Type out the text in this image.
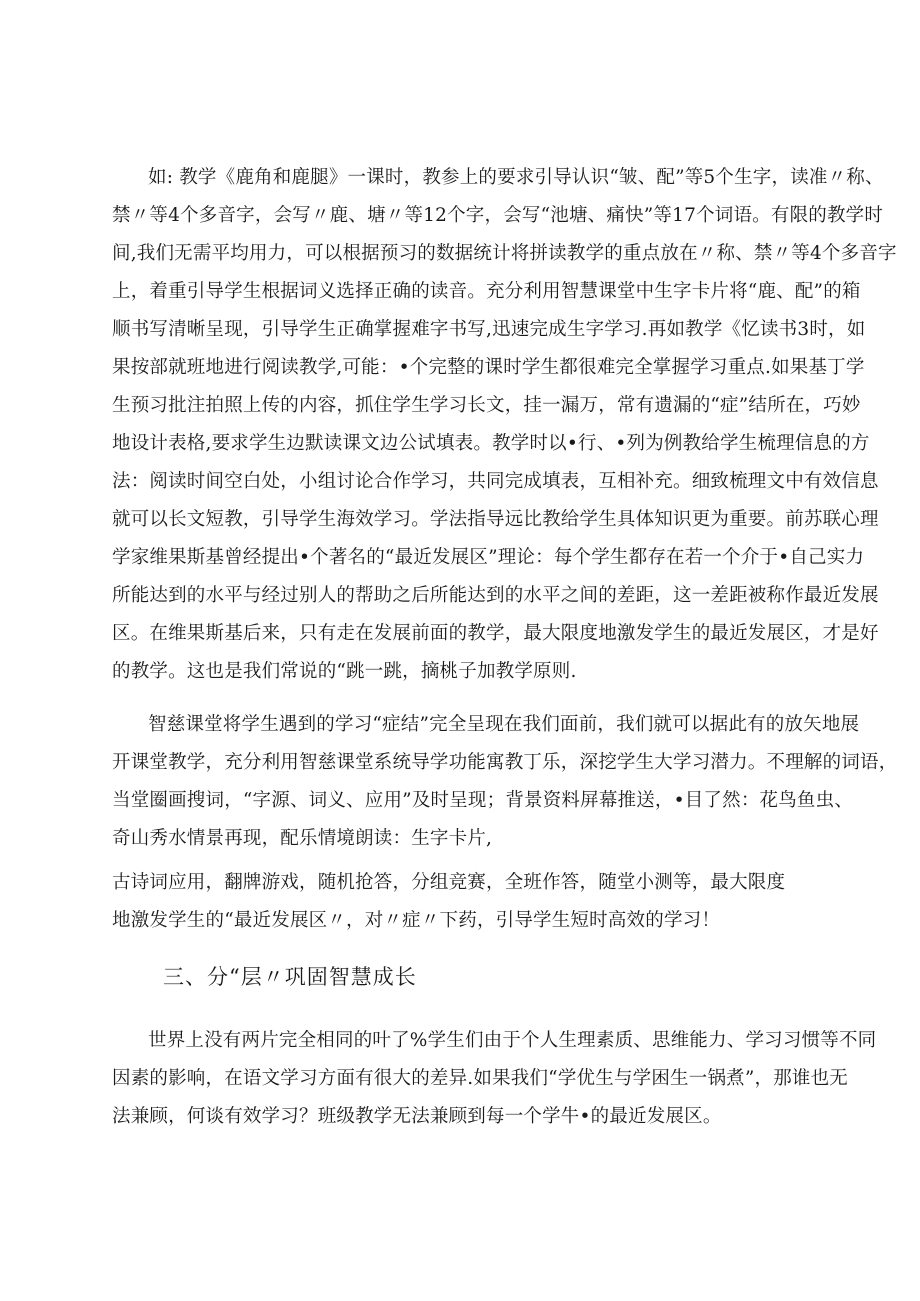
如: 教学《鹿角和鹿腿》一课时，教参上的要求引导认识“皱、配”等5个生字，读准〃称、
禁〃等4个多音字，会写〃鹿、塘〃等12个字，会写“池塘、痛快”等17个词语。有限的教学时
间,我们无需平均用力，可以根据预习的数据统计将拼读教学的重点放在〃称、禁〃等4个多音字
上，着重引导学生根据词义选择正确的读音。充分利用智慧课堂中生字卡片将“鹿、配”的箱
顺书写清晰呈现，引导学生正确掌握难字书写,迅速完成生字学习.再如教学《忆读书3时，如
果按部就班地进行阅读教学,可能：•个完整的课时学生都很难完全掌握学习重点.如果基丁学
生预习批注拍照上传的内容，抓住学生学习长文，挂一漏万，常有遗漏的“症”结所在，巧妙
地设计表格,要求学生边默读课文边公试填表。教学时以•行、•列为例教给学生梳理信息的方
法：阅读时间空白处，小组讨论合作学习，共同完成填表，互相补充。细致梳理文中有效信息
就可以长文短教，引导学生海效学习。学法指导远比教给学生具体知识更为重要。前苏联心理
学家维果斯基曾经提出•个著名的“最近发展区”理论：每个学生都存在若一个介于•自己实力
所能达到的水平与经过别人的帮助之后所能达到的水平之间的差距，这一差距被称作最近发展
区。在维果斯基后来，只有走在发展前面的教学，最大限度地激发学生的最近发展区，才是好
的教学。这也是我们常说的“跳一跳，摘桃子加教学原则.
智慈课堂将学生遇到的学习“症结”完全呈现在我们面前，我们就可以据此有的放矢地展
开课堂教学，充分利用智慈课堂系统导学功能寓教丁乐，深挖学生大学习潜力。不理解的词语，
当堂圈画搜词，“字源、词义、应用”及时呈现；背景资料屏幕推送，•目了然：花鸟鱼虫、
奇山秀水情景再现，配乐情境朗读：生字卡片,
古诗词应用，翻牌游戏，随机抢答，分组竞赛，全班作答，随堂小测等，最大限度
地激发学生的“最近发展区〃，对〃症〃下药，引导学生短时高效的学习！
三、分“层〃巩固智慧成长
世界上没有两片完全相同的叶了%学生们由于个人生理素质、思维能力、学习习惯等不同
因素的影响，在语文学习方面有很大的差异.如果我们“学优生与学困生一锅煮”，那谁也无
法兼顾，何谈有效学习？班级教学无法兼顾到每一个学牛•的最近发展区。
